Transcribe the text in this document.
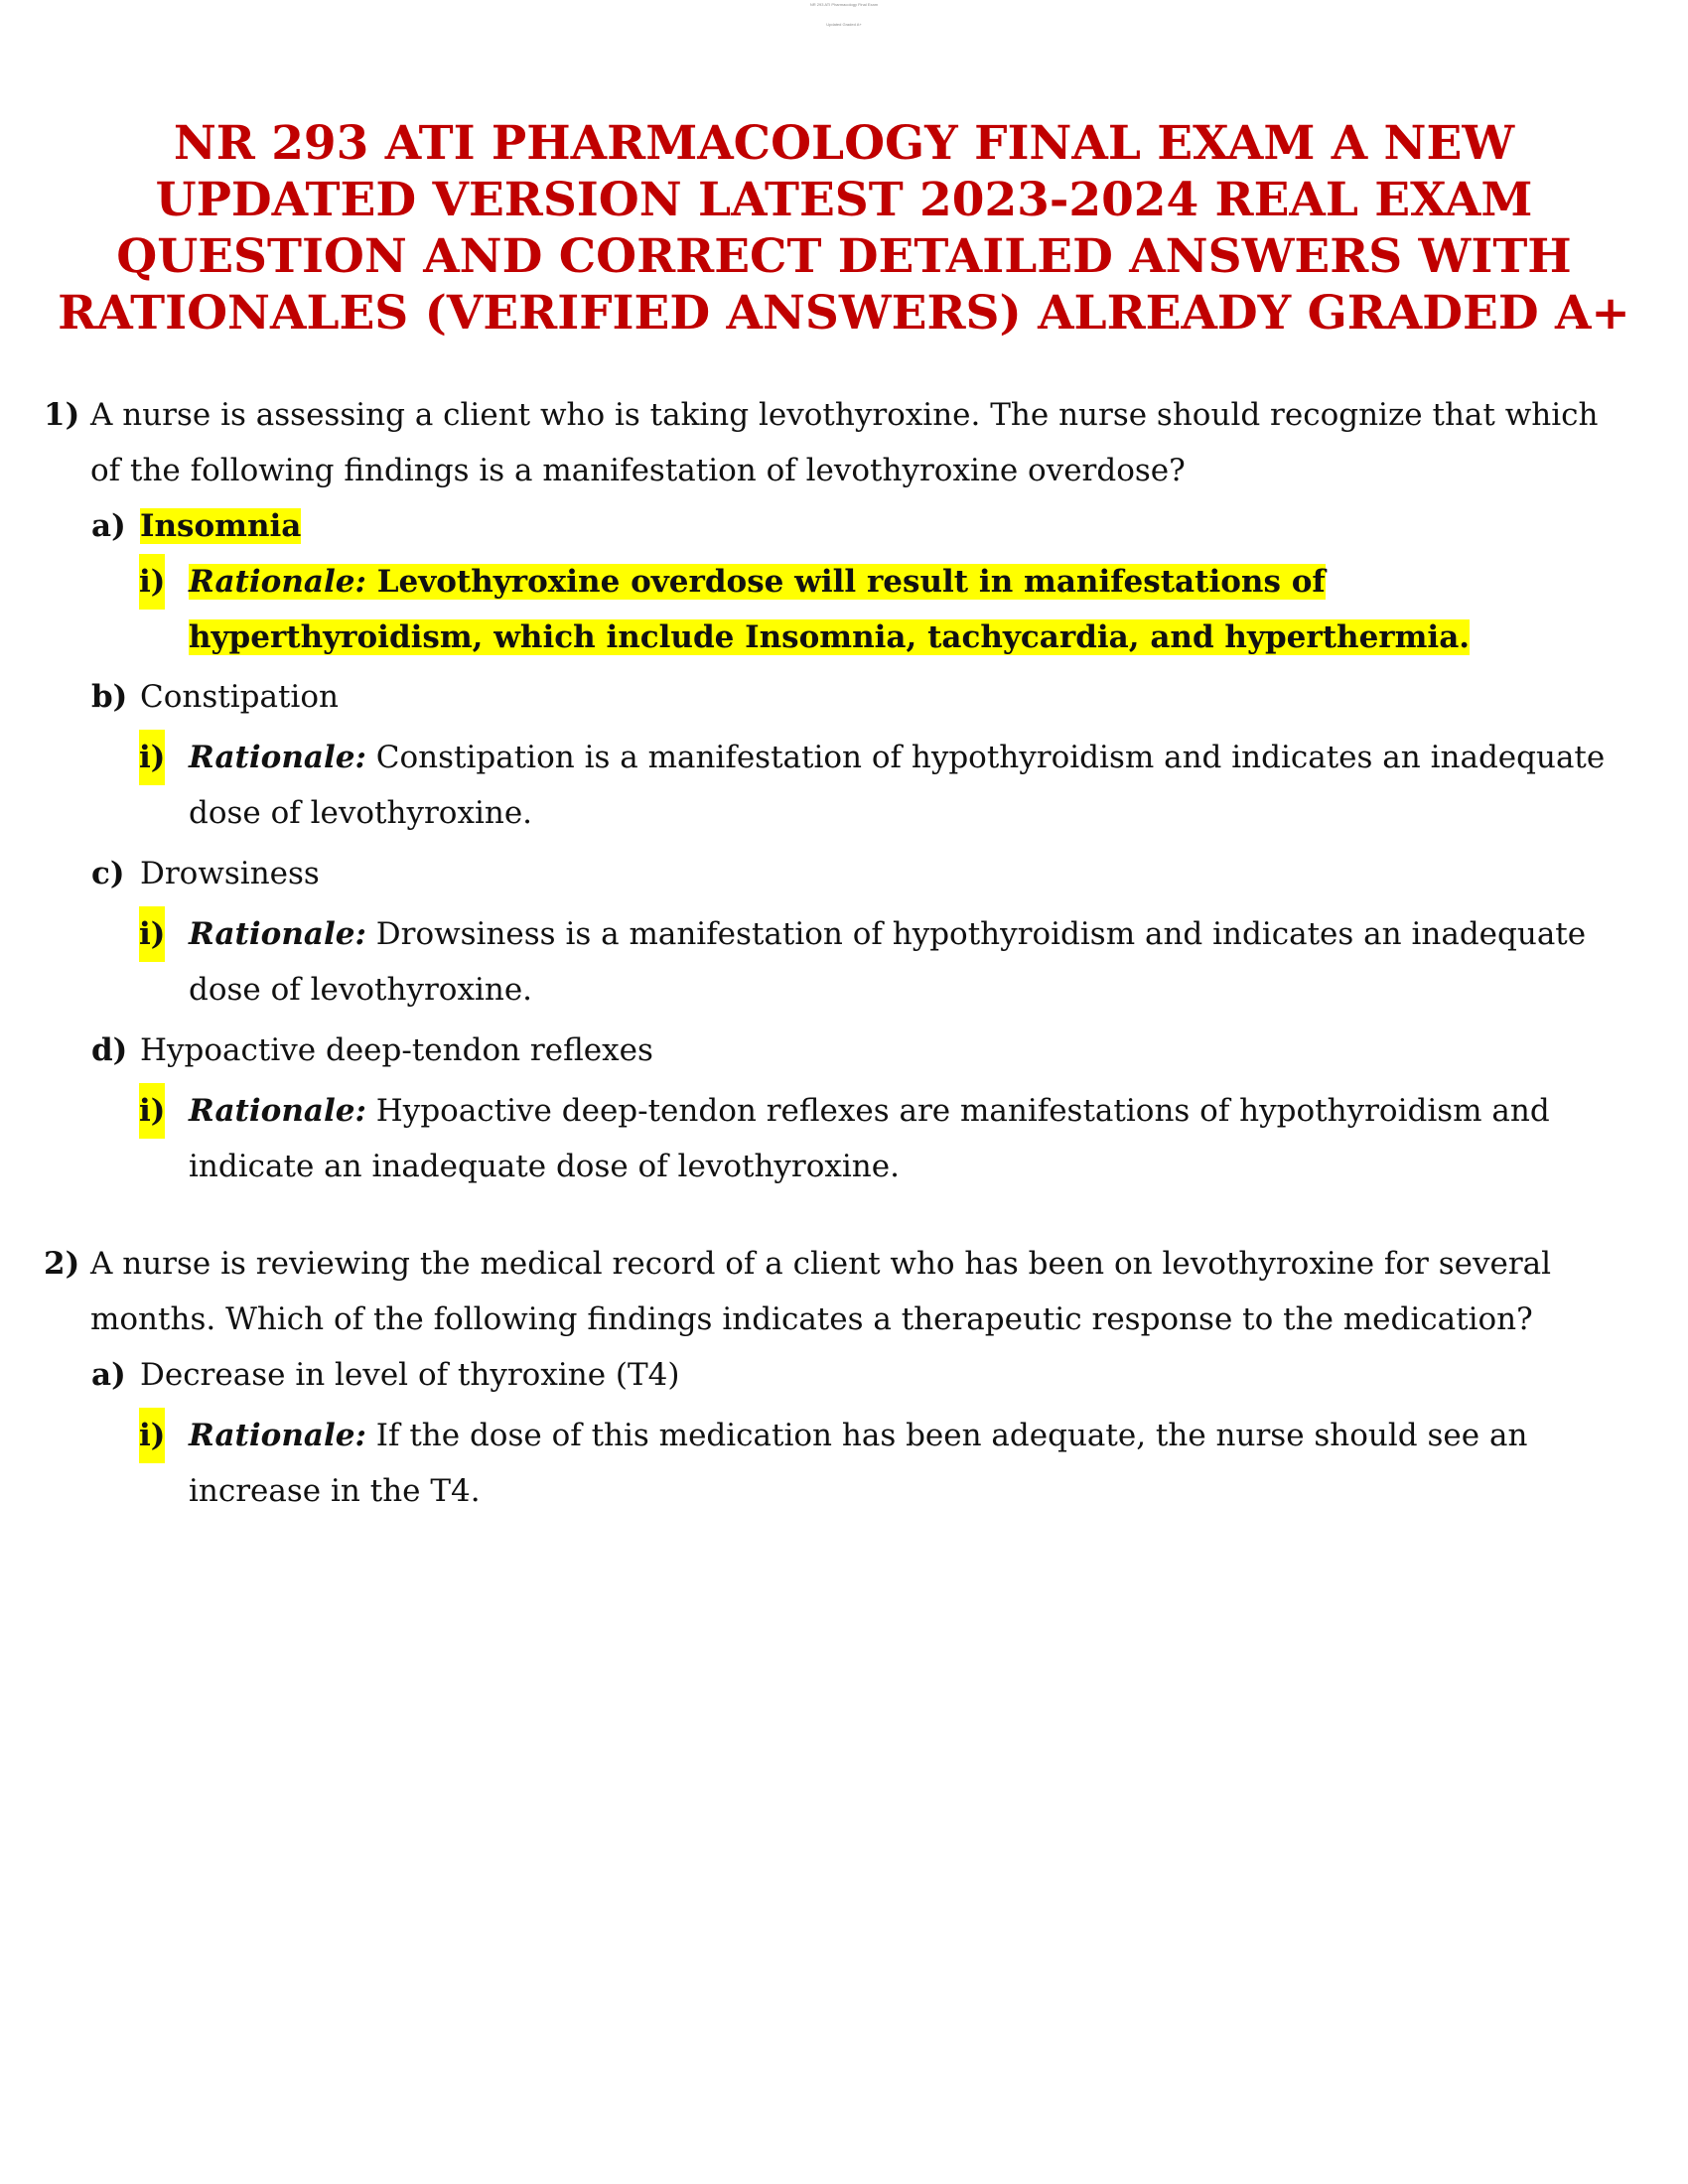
NR 293 ATI Pharmacology Final Exam
Updated Graded A+
NR 293 ATI PHARMACOLOGY FINAL EXAM A NEW UPDATED VERSION LATEST 2023-2024 REAL EXAM QUESTION AND CORRECT DETAILED ANSWERS WITH RATIONALES (VERIFIED ANSWERS) ALREADY GRADED A+
1) A nurse is assessing a client who is taking levothyroxine. The nurse should recognize that which of the following findings is a manifestation of levothyroxine overdose?
a) Insomnia
i) Rationale: Levothyroxine overdose will result in manifestations of hyperthyroidism, which include Insomnia, tachycardia, and hyperthermia.
b) Constipation
i) Rationale: Constipation is a manifestation of hypothyroidism and indicates an inadequate dose of levothyroxine.
c) Drowsiness
i) Rationale: Drowsiness is a manifestation of hypothyroidism and indicates an inadequate dose of levothyroxine.
d) Hypoactive deep-tendon reflexes
i) Rationale: Hypoactive deep-tendon reflexes are manifestations of hypothyroidism and indicate an inadequate dose of levothyroxine.
2) A nurse is reviewing the medical record of a client who has been on levothyroxine for several months. Which of the following findings indicates a therapeutic response to the medication?
a) Decrease in level of thyroxine (T4)
i) Rationale: If the dose of this medication has been adequate, the nurse should see an increase in the T4.
